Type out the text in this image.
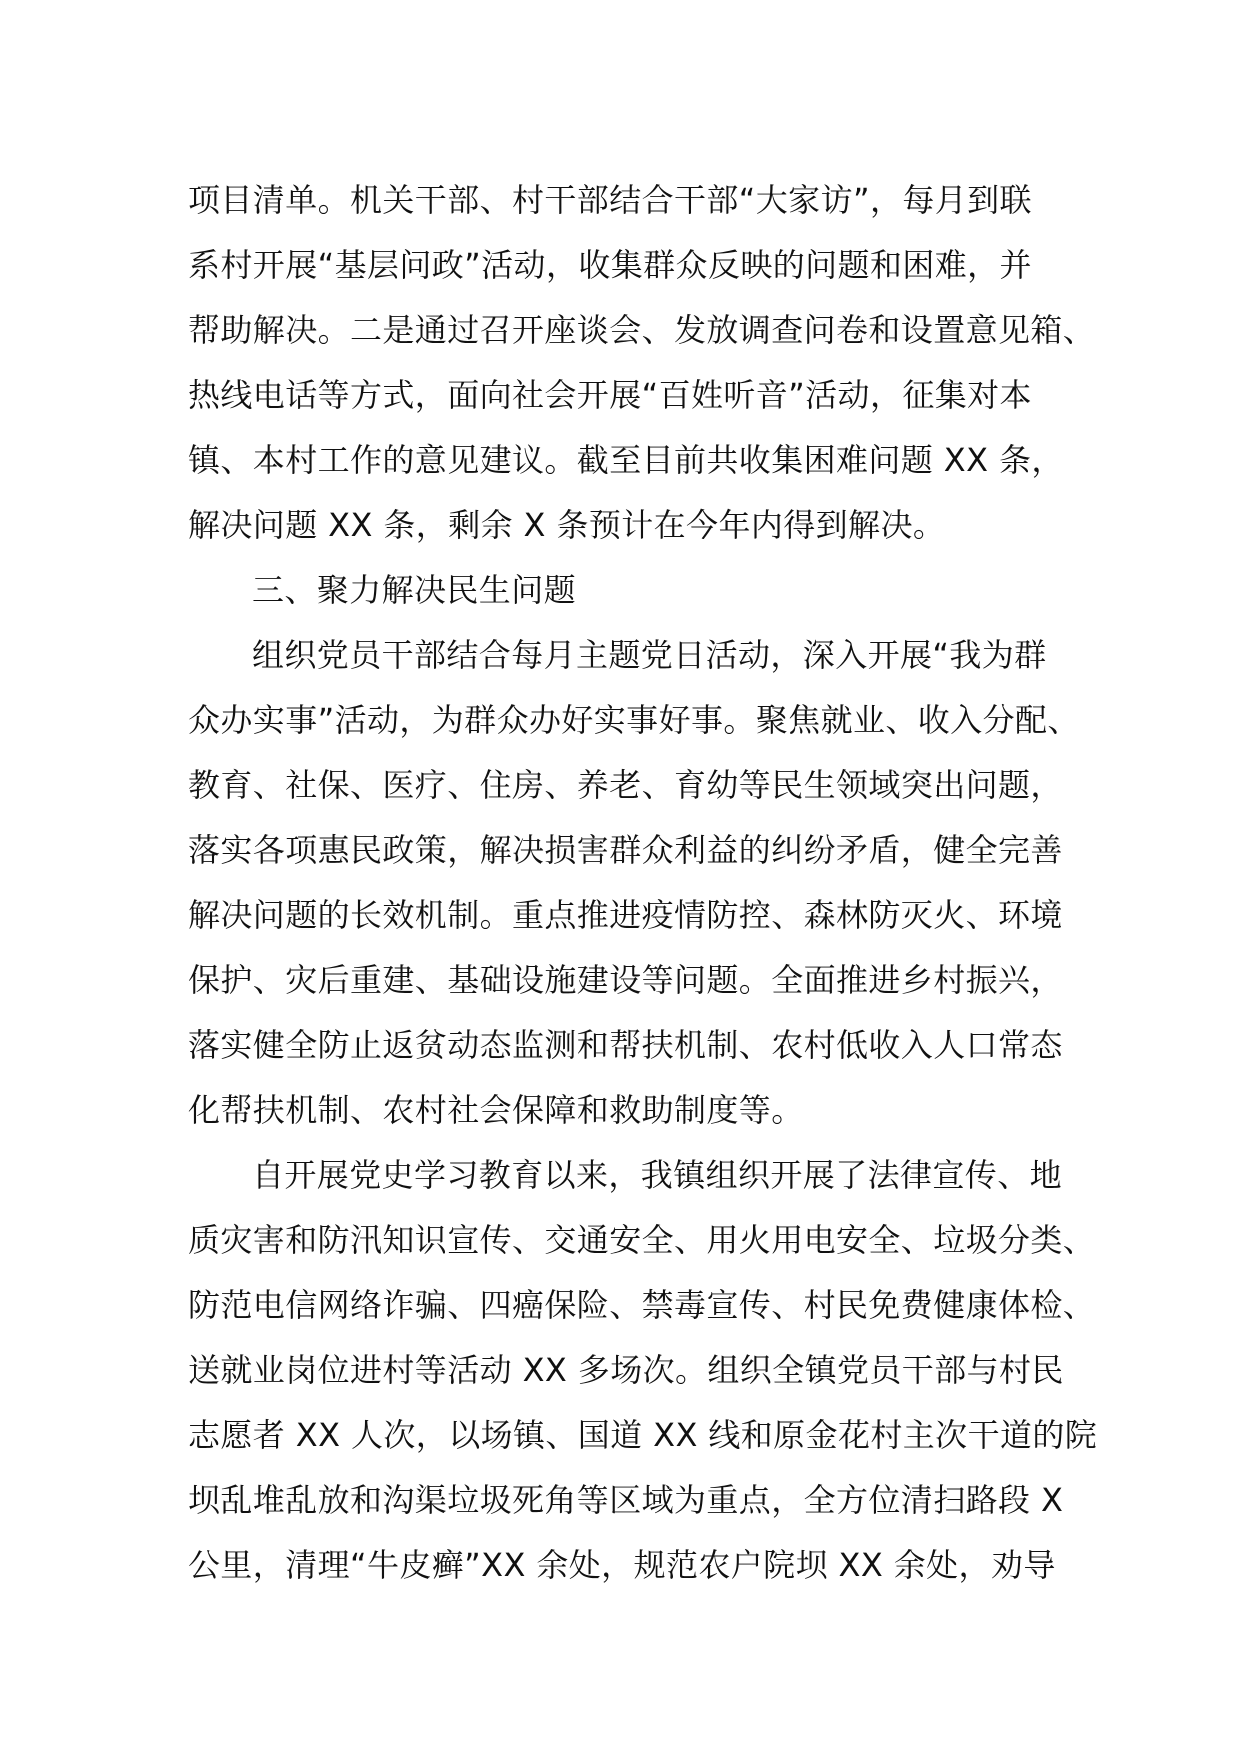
项目清单。机关干部、村干部结合干部“大家访”，每月到联
系村开展“基层问政”活动，收集群众反映的问题和困难，并
帮助解决。二是通过召开座谈会、发放调查问卷和设置意见箱、
热线电话等方式，面向社会开展“百姓听音”活动，征集对本
镇、本村工作的意见建议。截至目前共收集困难问题 XX 条，
解决问题 XX 条，剩余 X 条预计在今年内得到解决。
三、聚力解决民生问题
组织党员干部结合每月主题党日活动，深入开展“我为群
众办实事”活动，为群众办好实事好事。聚焦就业、收入分配、
教育、社保、医疗、住房、养老、育幼等民生领域突出问题，
落实各项惠民政策，解决损害群众利益的纠纷矛盾，健全完善
解决问题的长效机制。重点推进疫情防控、森林防灭火、环境
保护、灾后重建、基础设施建设等问题。全面推进乡村振兴，
落实健全防止返贫动态监测和帮扶机制、农村低收入人口常态
化帮扶机制、农村社会保障和救助制度等。
自开展党史学习教育以来，我镇组织开展了法律宣传、地
质灾害和防汛知识宣传、交通安全、用火用电安全、垃圾分类、
防范电信网络诈骗、四癌保险、禁毒宣传、村民免费健康体检、
送就业岗位进村等活动 XX 多场次。组织全镇党员干部与村民
志愿者 XX 人次，以场镇、国道 XX 线和原金花村主次干道的院
坝乱堆乱放和沟渠垃圾死角等区域为重点，全方位清扫路段 X
公里，清理“牛皮癣”XX 余处，规范农户院坝 XX 余处，劝导
